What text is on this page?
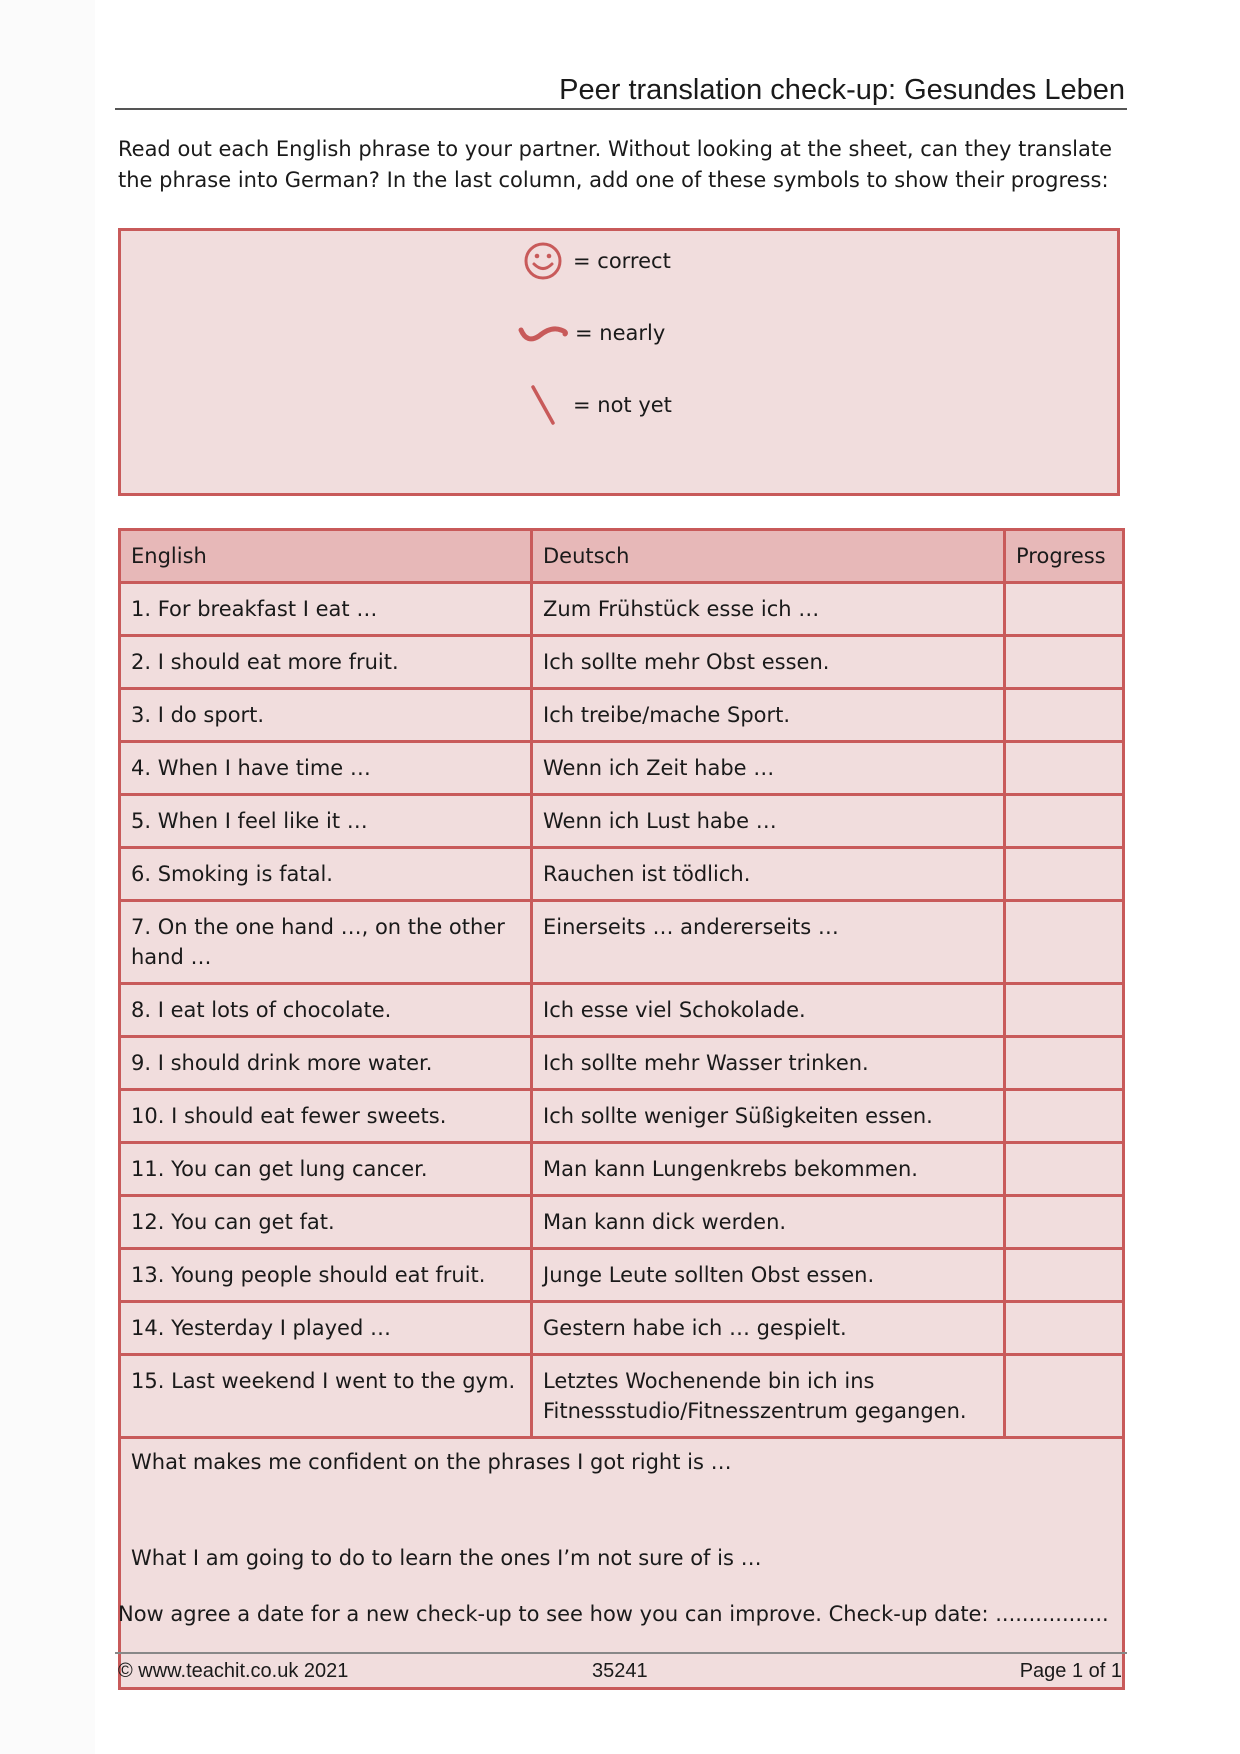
Peer translation check-up: Gesundes Leben
Read out each English phrase to your partner. Without looking at the sheet, can they translate the phrase into German? In the last column, add one of these symbols to show their progress:
= correct
= nearly
= not yet
English	Deutsch	Progress
1. For breakfast I eat …	Zum Frühstück esse ich …	
2. I should eat more fruit.	Ich sollte mehr Obst essen.	
3. I do sport.	Ich treibe/mache Sport.	
4. When I have time …	Wenn ich Zeit habe …	
5. When I feel like it …	Wenn ich Lust habe …	
6. Smoking is fatal.	Rauchen ist tödlich.	
7. On the one hand …, on the other hand …	Einerseits … andererseits …	
8. I eat lots of chocolate.	Ich esse viel Schokolade.	
9. I should drink more water.	Ich sollte mehr Wasser trinken.	
10. I should eat fewer sweets.	Ich sollte weniger Süßigkeiten essen.	
11. You can get lung cancer.	Man kann Lungenkrebs bekommen.	
12. You can get fat.	Man kann dick werden.	
13. Young people should eat fruit.	Junge Leute sollten Obst essen.	
14. Yesterday I played …	Gestern habe ich … gespielt.	
15. Last weekend I went to the gym.	Letztes Wochenende bin ich ins Fitnessstudio/Fitnesszentrum gegangen.	

What makes me confident on the phrases I got right is …
What I am going to do to learn the ones I’m not sure of is …		
Now agree a date for a new check-up to see how you can improve. Check-up date: .................
© www.teachit.co.uk 2021	35241	Page 1 of 1
